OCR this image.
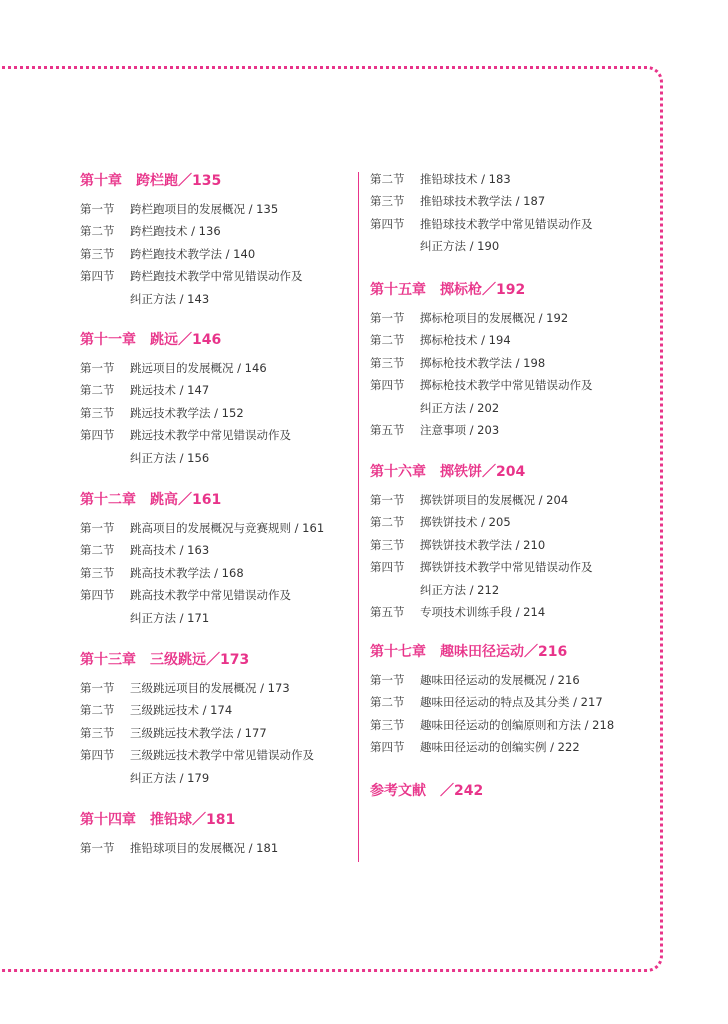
第十章 跨栏跑／135
第一节	跨栏跑项目的发展概况 / 135
第二节	跨栏跑技术 / 136
第三节	跨栏跑技术教学法 / 140
第四节	跨栏跑技术教学中常见错误动作及
纠正方法 / 143
第十一章 跳远／146
第一节	跳远项目的发展概况 / 146
第二节	跳远技术 / 147
第三节	跳远技术教学法 / 152
第四节	跳远技术教学中常见错误动作及
纠正方法 / 156
第十二章 跳高／161
第一节	跳高项目的发展概况与竞赛规则 / 161
第二节	跳高技术 / 163
第三节	跳高技术教学法 / 168
第四节	跳高技术教学中常见错误动作及
纠正方法 / 171
第十三章 三级跳远／173
第一节	三级跳远项目的发展概况 / 173
第二节	三级跳远技术 / 174
第三节	三级跳远技术教学法 / 177
第四节	三级跳远技术教学中常见错误动作及
纠正方法 / 179
第十四章 推铅球／181
第一节	推铅球项目的发展概况 / 181
第二节	推铅球技术 / 183
第三节	推铅球技术教学法 / 187
第四节	推铅球技术教学中常见错误动作及
纠正方法 / 190
第十五章 掷标枪／192
第一节	掷标枪项目的发展概况 / 192
第二节	掷标枪技术 / 194
第三节	掷标枪技术教学法 / 198
第四节	掷标枪技术教学中常见错误动作及
纠正方法 / 202
第五节	注意事项 / 203
第十六章 掷铁饼／204
第一节	掷铁饼项目的发展概况 / 204
第二节	掷铁饼技术 / 205
第三节	掷铁饼技术教学法 / 210
第四节	掷铁饼技术教学中常见错误动作及
纠正方法 / 212
第五节	专项技术训练手段 / 214
第十七章 趣味田径运动／216
第一节	趣味田径运动的发展概况 / 216
第二节	趣味田径运动的特点及其分类 / 217
第三节	趣味田径运动的创编原则和方法 / 218
第四节	趣味田径运动的创编实例 / 222
参考文献 ／242
